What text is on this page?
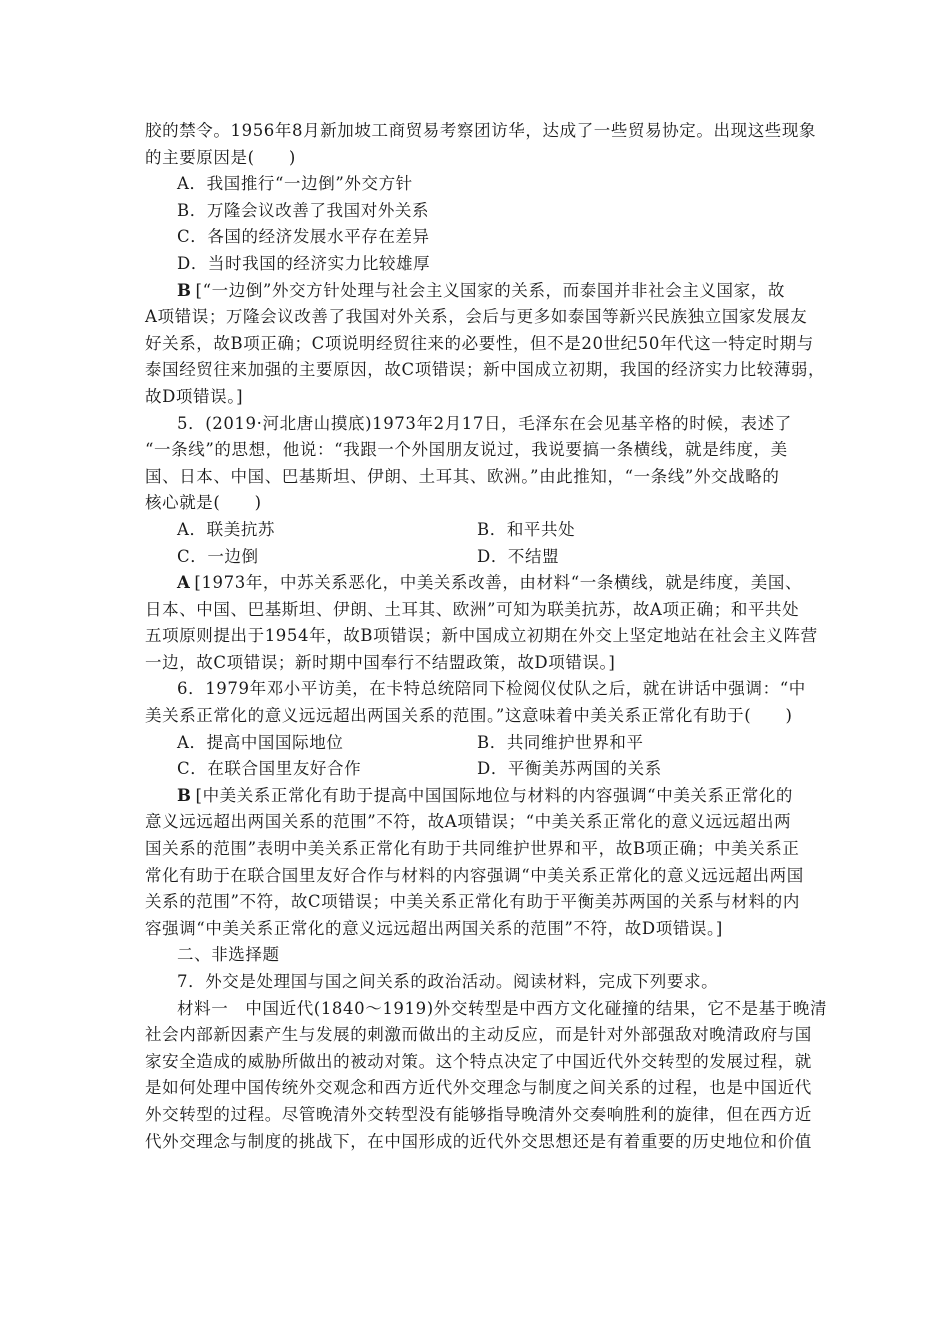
胶的禁令。1956年8月新加坡工商贸易考察团访华，达成了一些贸易协定。出现这些现象
的主要原因是(　　)
A．我国推行“一边倒”外交方针
B．万隆会议改善了我国对外关系
C．各国的经济发展水平存在差异
D．当时我国的经济实力比较雄厚
B [“一边倒”外交方针处理与社会主义国家的关系，而泰国并非社会主义国家，故
A项错误；万隆会议改善了我国对外关系，会后与更多如泰国等新兴民族独立国家发展友
好关系，故B项正确；C项说明经贸往来的必要性，但不是20世纪50年代这一特定时期与
泰国经贸往来加强的主要原因，故C项错误；新中国成立初期，我国的经济实力比较薄弱，
故D项错误。]
5．(2019·河北唐山摸底)1973年2月17日，毛泽东在会见基辛格的时候，表述了
“一条线”的思想，他说：“我跟一个外国朋友说过，我说要搞一条横线，就是纬度，美
国、日本、中国、巴基斯坦、伊朗、土耳其、欧洲。”由此推知，“一条线”外交战略的
核心就是(　　)
A．联美抗苏	B．和平共处
C．一边倒	D．不结盟
A [1973年，中苏关系恶化，中美关系改善，由材料“一条横线，就是纬度，美国、
日本、中国、巴基斯坦、伊朗、土耳其、欧洲”可知为联美抗苏，故A项正确；和平共处
五项原则提出于1954年，故B项错误；新中国成立初期在外交上坚定地站在社会主义阵营
一边，故C项错误；新时期中国奉行不结盟政策，故D项错误。]
6．1979年邓小平访美，在卡特总统陪同下检阅仪仗队之后，就在讲话中强调：“中
美关系正常化的意义远远超出两国关系的范围。”这意味着中美关系正常化有助于(　　)
A．提高中国国际地位	B．共同维护世界和平
C．在联合国里友好合作	D．平衡美苏两国的关系
B [中美关系正常化有助于提高中国国际地位与材料的内容强调“中美关系正常化的
意义远远超出两国关系的范围”不符，故A项错误；“中美关系正常化的意义远远超出两
国关系的范围”表明中美关系正常化有助于共同维护世界和平，故B项正确；中美关系正
常化有助于在联合国里友好合作与材料的内容强调“中美关系正常化的意义远远超出两国
关系的范围”不符，故C项错误；中美关系正常化有助于平衡美苏两国的关系与材料的内
容强调“中美关系正常化的意义远远超出两国关系的范围”不符，故D项错误。]
二、非选择题
7．外交是处理国与国之间关系的政治活动。阅读材料，完成下列要求。
材料一　中国近代(1840～1919)外交转型是中西方文化碰撞的结果，它不是基于晚清
社会内部新因素产生与发展的刺激而做出的主动反应，而是针对外部强敌对晚清政府与国
家安全造成的威胁所做出的被动对策。这个特点决定了中国近代外交转型的发展过程，就
是如何处理中国传统外交观念和西方近代外交理念与制度之间关系的过程，也是中国近代
外交转型的过程。尽管晚清外交转型没有能够指导晚清外交奏响胜利的旋律，但在西方近
代外交理念与制度的挑战下，在中国形成的近代外交思想还是有着重要的历史地位和价值
